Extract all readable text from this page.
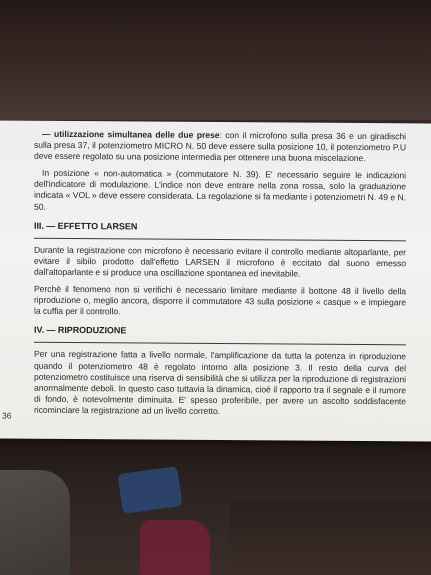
— utilizzazione simultanea delle due prese: con il microfono sulla presa 36 e un giradischi sulla presa 37, il potenziometro MICRO N. 50 deve essere sulla posizione 10, il potenziometro P.U deve essere regolato su una posizione intermedia per ottenere una buona miscelazione.

In posizione « non-automatica » (commutatore N. 39). E' necessario seguire le indicazioni dell'indicatore di modulazione. L'indice non deve entrare nella zona rossa, solo la graduazione indicata « VOL » deve essere considerata. La regolazione si fa mediante i potenziometri N. 49 e N. 50.

III. — EFFETTO LARSEN

Durante la registrazione con microfono è necessario evitare il controllo mediante altoparlante, per evitare il sibilo prodotto dall'effetto LARSEN il microfono è eccitato dal suono emesso dall'altoparlante e si produce una oscillazione spontanea ed inevitabile.

Perchè il fenomeno non si verifichi è necessario limitare mediante il bottone 48 il livello della riproduzione o, meglio ancora, disporre il commutatore 43 sulla posizione « casque » e impiegare la cuffia per il controllo.

IV. — RIPRODUZIONE

Per una registrazione fatta a livello normale, l'amplificazione da tutta la potenza in riproduzione quando il potenziometro 48 è regolato intorno alla posizione 3. Il resto della curva del potenziometro costituisce una riserva di sensibilità che si utilizza per la riproduzione di registrazioni anormalmente deboli. In questo caso tuttavia la dinamica, cioè il rapporto tra il segnale e il rumore di fondo, è notevolmente diminuita. E' spesso proferibile, per avere un ascolto soddisfacente ricominciare la registrazione ad un livello corretto.

36
